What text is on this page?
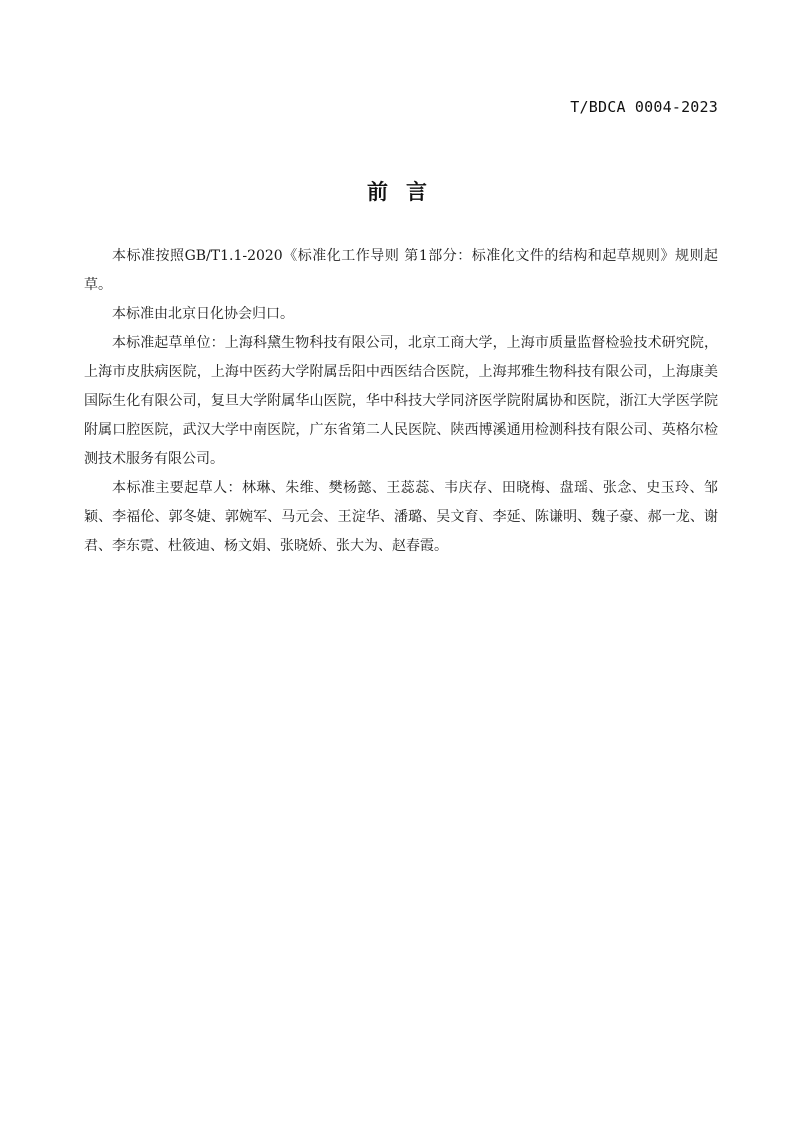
T/BDCA 0004-2023
前言

本标准按照GB/T1.1-2020《标准化工作导则 第1部分：标准化文件的结构和起草规则》规则起草。

本标准由北京日化协会归口。

本标准起草单位：上海科黛生物科技有限公司，北京工商大学，上海市质量监督检验技术研究院，上海市皮肤病医院，上海中医药大学附属岳阳中西医结合医院，上海邦雅生物科技有限公司，上海康美国际生化有限公司，复旦大学附属华山医院，华中科技大学同济医学院附属协和医院，浙江大学医学院附属口腔医院，武汉大学中南医院，广东省第二人民医院、陕西博溪通用检测科技有限公司、英格尔检测技术服务有限公司。

本标准主要起草人：林琳、朱维、樊杨懿、王蕊蕊、韦庆存、田晓梅、盘瑶、张念、史玉玲、邹颖、李福伦、郭冬婕、郭婉军、马元会、王淀华、潘璐、吴文育、李延、陈谦明、魏子豪、郝一龙、谢君、李东霓、杜筱迪、杨文娟、张晓娇、张大为、赵春霞。
